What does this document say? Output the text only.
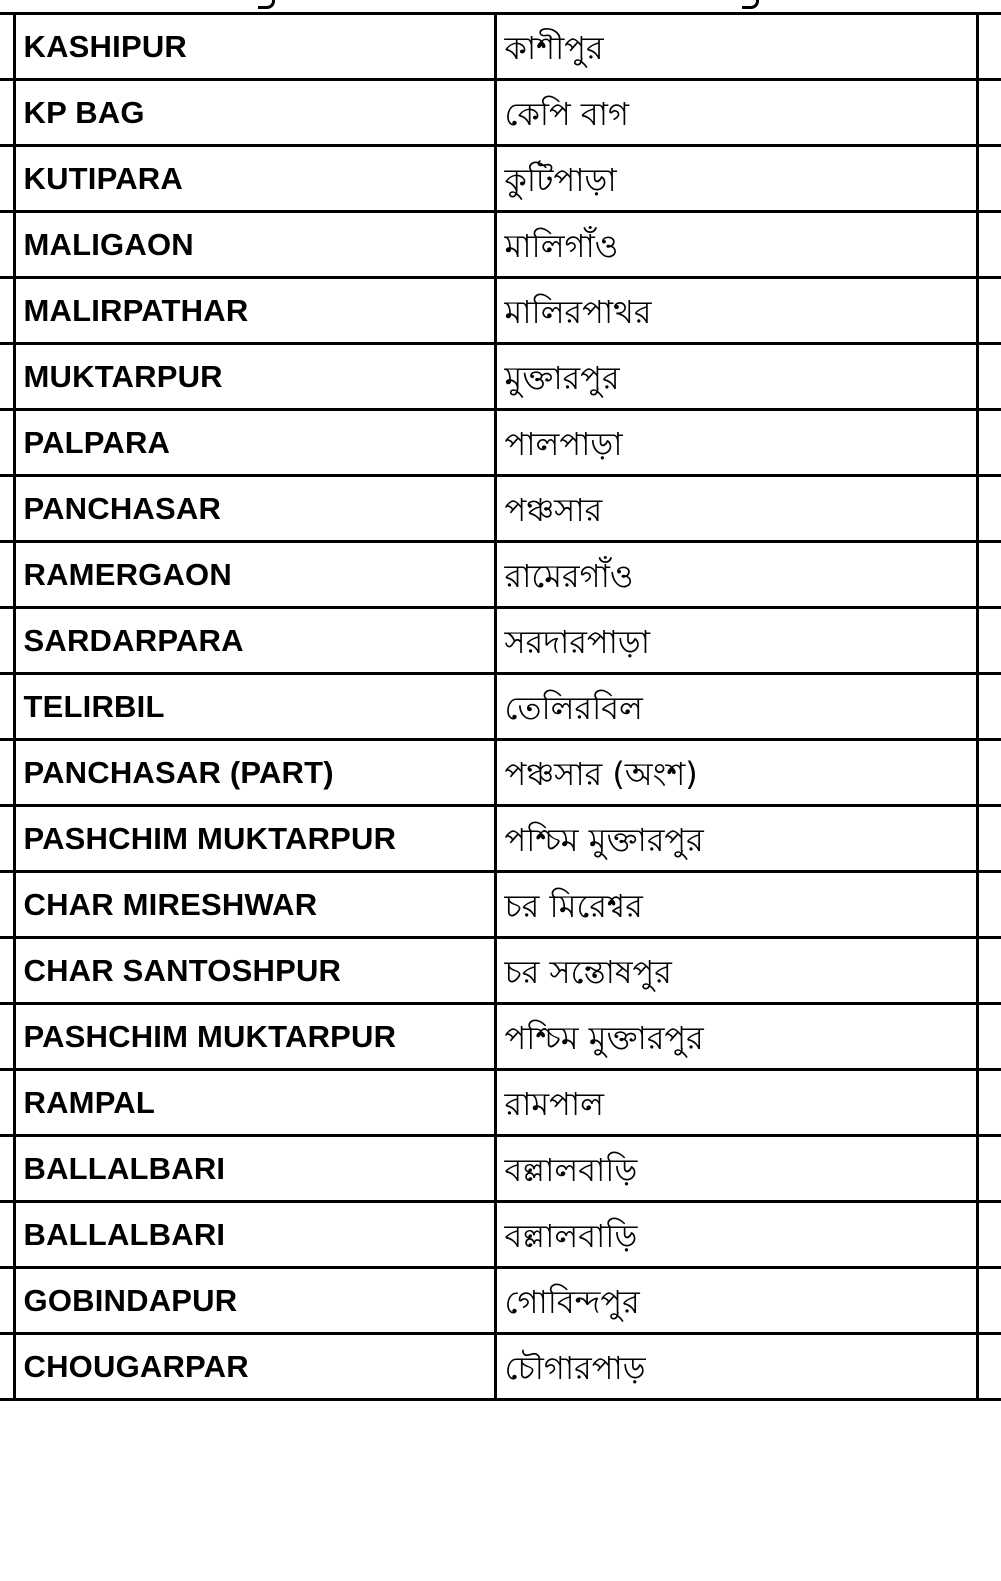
	KASHIPUR	কাশীপুর	
	KP BAG	কেপি বাগ	
	KUTIPARA	কুটিপাড়া	
	MALIGAON	মালিগাঁও	
	MALIRPATHAR	মালিরপাথর	
	MUKTARPUR	মুক্তারপুর	
	PALPARA	পালপাড়া	
	PANCHASAR	পঞ্চসার	
	RAMERGAON	রামেরগাঁও	
	SARDARPARA	সরদারপাড়া	
	TELIRBIL	তেলিরবিল	
	PANCHASAR (PART)	পঞ্চসার (অংশ)	
	PASHCHIM MUKTARPUR	পশ্চিম মুক্তারপুর	
	CHAR MIRESHWAR	চর মিরেশ্বর	
	CHAR SANTOSHPUR	চর সন্তোষপুর	
	PASHCHIM MUKTARPUR	পশ্চিম মুক্তারপুর	
	RAMPAL	রামপাল	
	BALLALBARI	বল্লালবাড়ি	
	BALLALBARI	বল্লালবাড়ি	
	GOBINDAPUR	গোবিন্দপুর	
	CHOUGARPAR	চৌগারপাড়	
